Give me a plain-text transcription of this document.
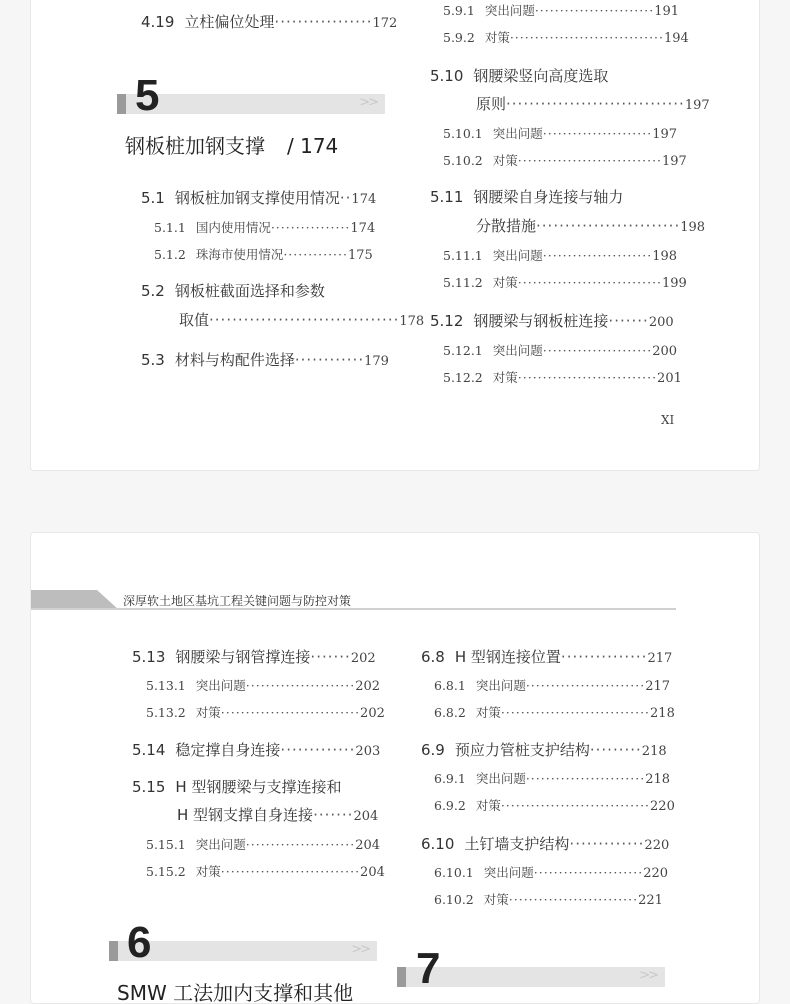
4.19 立柱偏位处理·················172
>>
5
钢板桩加钢支撑 / 174
5.1 钢板桩加钢支撑使用情况··174
5.1.1 国内使用情况················174
5.1.2 珠海市使用情况·············175
5.2 钢板桩截面选择和参数
取值·································178
5.3 材料与构配件选择············179
5.9.1 突出问题························191
5.9.2 对策·······························194
5.10 钢腰梁竖向高度选取
原则·······························197
5.10.1 突出问题······················197
5.10.2 对策·····························197
5.11 钢腰梁自身连接与轴力
分散措施·························198
5.11.1 突出问题······················198
5.11.2 对策·····························199
5.12 钢腰梁与钢板桩连接·······200
5.12.1 突出问题······················200
5.12.2 对策····························201
XI
深厚软土地区基坑工程关键问题与防控对策
5.13 钢腰梁与钢管撑连接·······202
5.13.1 突出问题······················202
5.13.2 对策····························202
5.14 稳定撑自身连接·············203
5.15 H 型钢腰梁与支撑连接和
H 型钢支撑自身连接·······204
5.15.1 突出问题······················204
5.15.2 对策····························204
6.8 H 型钢连接位置···············217
6.8.1 突出问题························217
6.8.2 对策······························218
6.9 预应力管桩支护结构·········218
6.9.1 突出问题························218
6.9.2 对策······························220
6.10 土钉墙支护结构·············220
6.10.1 突出问题······················220
6.10.2 对策··························221
>>
6
SMW 工法加内支撑和其他
>>
7
